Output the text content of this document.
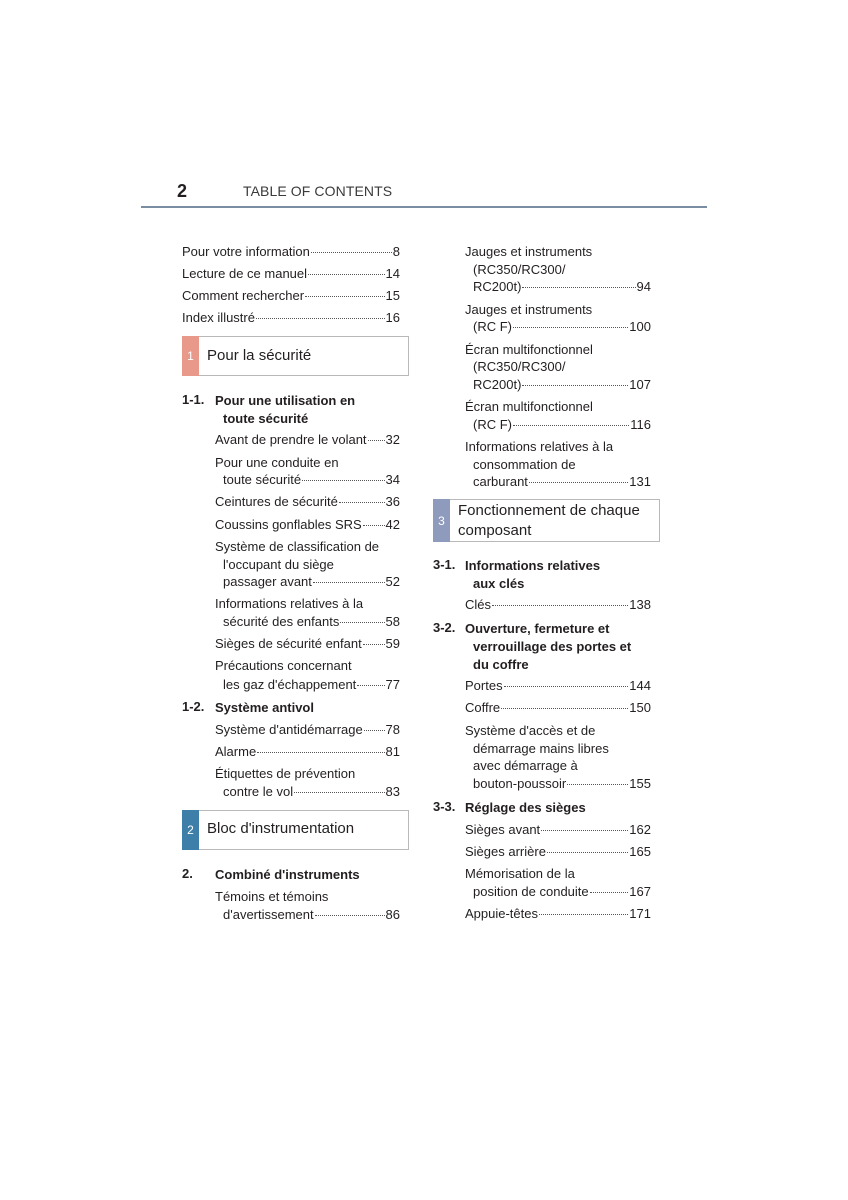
2	TABLE OF CONTENTS
Pour votre information	8
Lecture de ce manuel	14
Comment rechercher	15
Index illustré	16
1 Pour la sécurité
1-1. Pour une utilisation en
toute sécurité
Avant de prendre le volant 32
Pour une conduite en
toute sécurité	34
Ceintures de sécurité	36
Coussins gonflables SRS 42
Système de classification de
l'occupant du siège
passager avant	52
Informations relatives à la
sécurité des enfants	58
Sièges de sécurité enfant 59
Précautions concernant
les gaz d'échappement 77
1-2. Système antivol
Système d'antidémarrage 78
Alarme	81
Étiquettes de prévention
contre le vol	83
2 Bloc d'instrumentation
2. Combiné d'instruments
Témoins et témoins
d'avertissement	86
Jauges et instruments
(RC350/RC300/
RC200t)	94
Jauges et instruments
(RC F)	100
Écran multifonctionnel
(RC350/RC300/
RC200t)	107
Écran multifonctionnel
(RC F)	116
Informations relatives à la
consommation de
carburant	131
3
Fonctionnement de chaque
composant
3-1. Informations relatives
aux clés
Clés	138
3-2. Ouverture, fermeture et
verrouillage des portes et
du coffre
Portes	144
Coffre	150
Système d'accès et de
démarrage mains libres
avec démarrage à
bouton-poussoir	155
3-3. Réglage des sièges
Sièges avant	162
Sièges arrière	165
Mémorisation de la
position de conduite	167
Appuie-têtes	171
